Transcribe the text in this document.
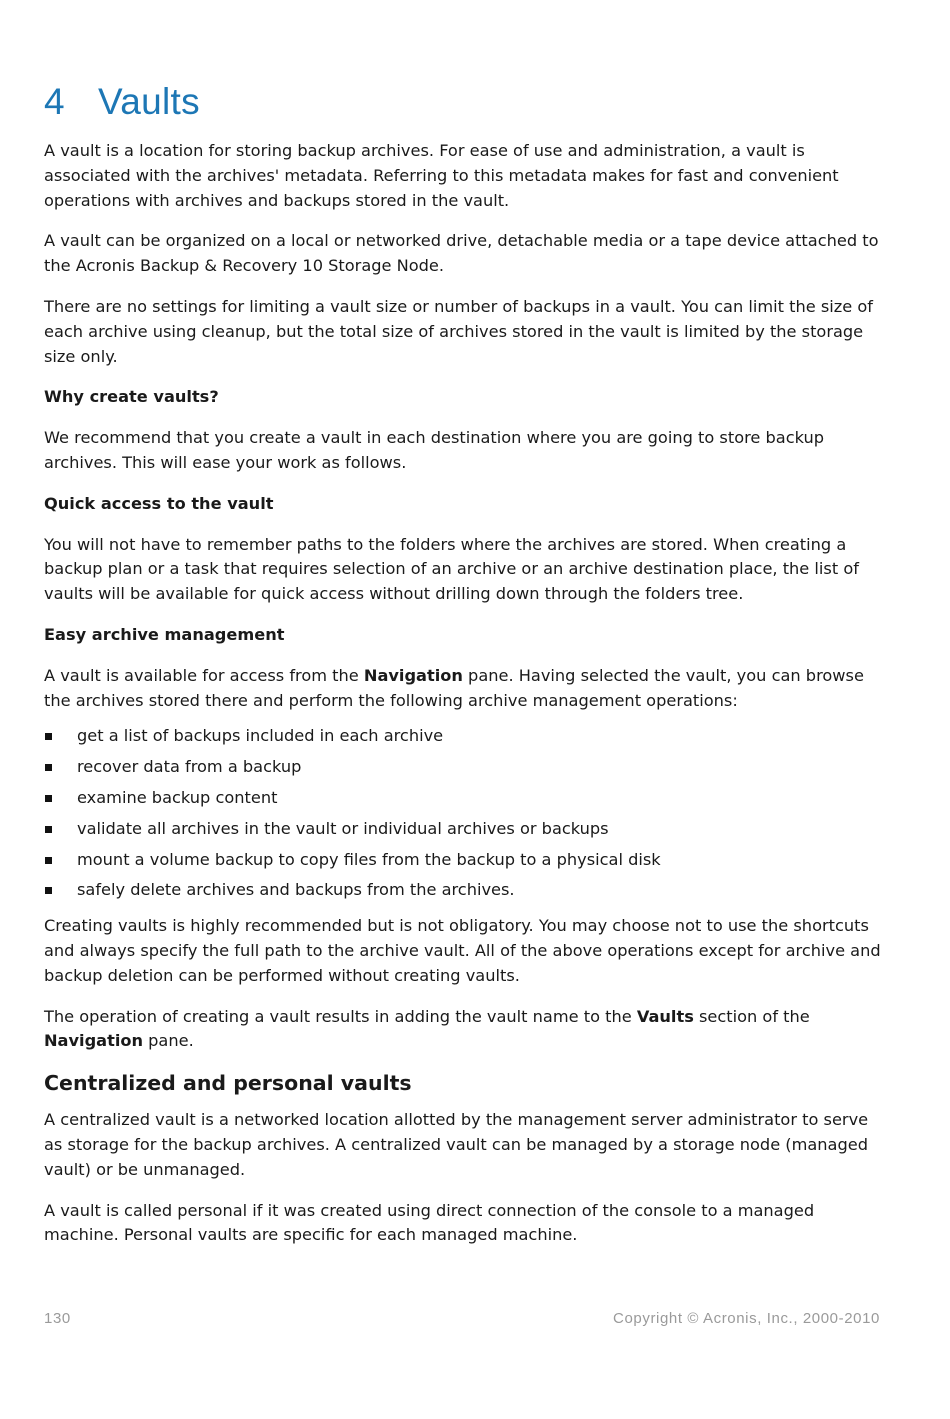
4 Vaults

A vault is a location for storing backup archives. For ease of use and administration, a vault is associated with the archives' metadata. Referring to this metadata makes for fast and convenient operations with archives and backups stored in the vault.

A vault can be organized on a local or networked drive, detachable media or a tape device attached to the Acronis Backup & Recovery 10 Storage Node.

There are no settings for limiting a vault size or number of backups in a vault. You can limit the size of each archive using cleanup, but the total size of archives stored in the vault is limited by the storage size only.

Why create vaults?

We recommend that you create a vault in each destination where you are going to store backup archives. This will ease your work as follows.

Quick access to the vault

You will not have to remember paths to the folders where the archives are stored. When creating a backup plan or a task that requires selection of an archive or an archive destination place, the list of vaults will be available for quick access without drilling down through the folders tree.

Easy archive management

A vault is available for access from the Navigation pane. Having selected the vault, you can browse the archives stored there and perform the following archive management operations:

get a list of backups included in each archive
recover data from a backup
examine backup content
validate all archives in the vault or individual archives or backups
mount a volume backup to copy files from the backup to a physical disk
safely delete archives and backups from the archives.

Creating vaults is highly recommended but is not obligatory. You may choose not to use the shortcuts and always specify the full path to the archive vault. All of the above operations except for archive and backup deletion can be performed without creating vaults.

The operation of creating a vault results in adding the vault name to the Vaults section of the Navigation pane.

Centralized and personal vaults

A centralized vault is a networked location allotted by the management server administrator to serve as storage for the backup archives. A centralized vault can be managed by a storage node (managed vault) or be unmanaged.

A vault is called personal if it was created using direct connection of the console to a managed machine. Personal vaults are specific for each managed machine.

130	Copyright © Acronis, Inc., 2000-2010
